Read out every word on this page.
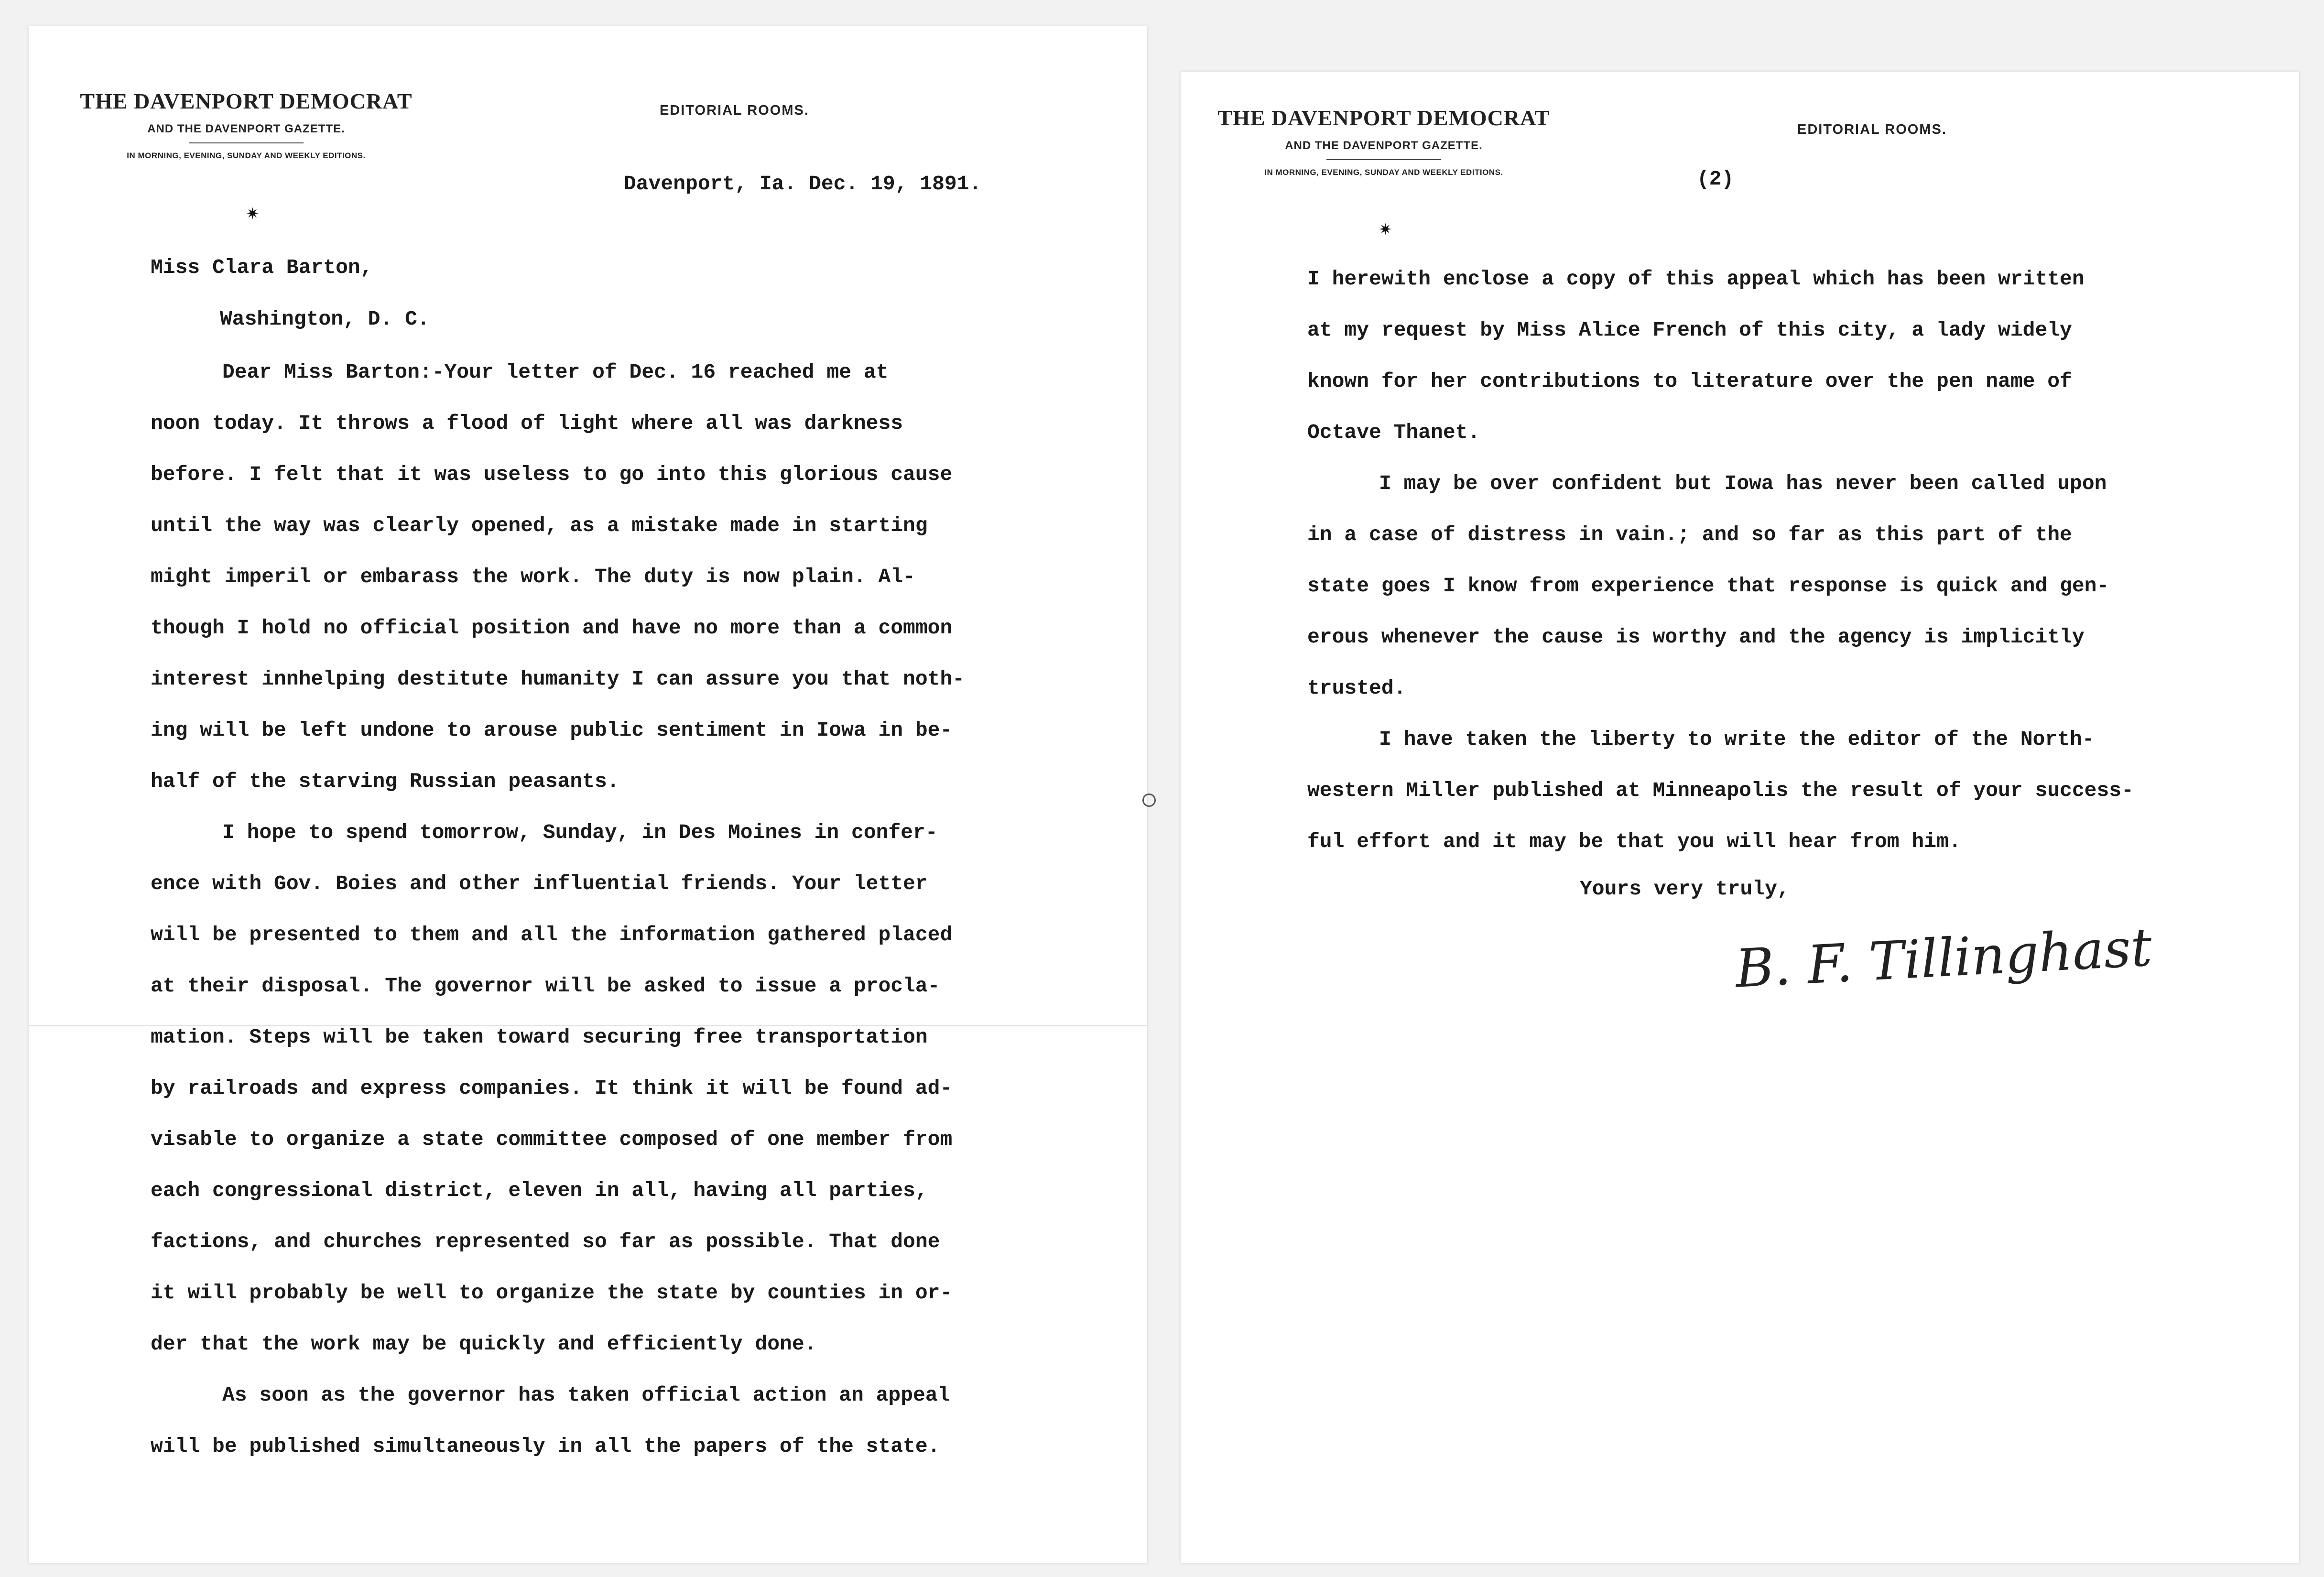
THE DAVENPORT DEMOCRAT
AND THE DAVENPORT GAZETTE.
IN MORNING, EVENING, SUNDAY AND WEEKLY EDITIONS.
✷
EDITORIAL ROOMS.
Davenport, Ia. Dec. 19, 1891.
Miss Clara Barton,
Washington, D. C.

Dear Miss Barton:-Your letter of Dec. 16 reached me at

noon today. It throws a flood of light where all was darkness

before. I felt that it was useless to go into this glorious cause

until the way was clearly opened, as a mistake made in starting

might imperil or embarass the work. The duty is now plain. Al-

though I hold no official position and have no more than a common

interest innhelping destitute humanity I can assure you that noth-

ing will be left undone to arouse public sentiment in Iowa in be-

half of the starving Russian peasants.

I hope to spend tomorrow, Sunday, in Des Moines in confer-

ence with Gov. Boies and other influential friends. Your letter

will be presented to them and all the information gathered placed

at their disposal. The governor will be asked to issue a procla-

mation. Steps will be taken toward securing free transportation

by railroads and express companies. It think it will be found ad-

visable to organize a state committee composed of one member from

each congressional district, eleven in all, having all parties,

factions, and churches represented so far as possible. That done

it will probably be well to organize the state by counties in or-

der that the work may be quickly and efficiently done.

As soon as the governor has taken official action an appeal

will be published simultaneously in all the papers of the state.

THE DAVENPORT DEMOCRAT
AND THE DAVENPORT GAZETTE.
IN MORNING, EVENING, SUNDAY AND WEEKLY EDITIONS.
✷
EDITORIAL ROOMS.
(2)

I herewith enclose a copy of this appeal which has been written

at my request by Miss Alice French of this city, a lady widely

known for her contributions to literature over the pen name of

Octave Thanet.

I may be over confident but Iowa has never been called upon

in a case of distress in vain.; and so far as this part of the

state goes I know from experience that response is quick and gen-

erous whenever the cause is worthy and the agency is implicitly

trusted.

I have taken the liberty to write the editor of the North-

western Miller published at Minneapolis the result of your success-

ful effort and it may be that you will hear from him.

Yours very truly,
B. F. Tillinghast
